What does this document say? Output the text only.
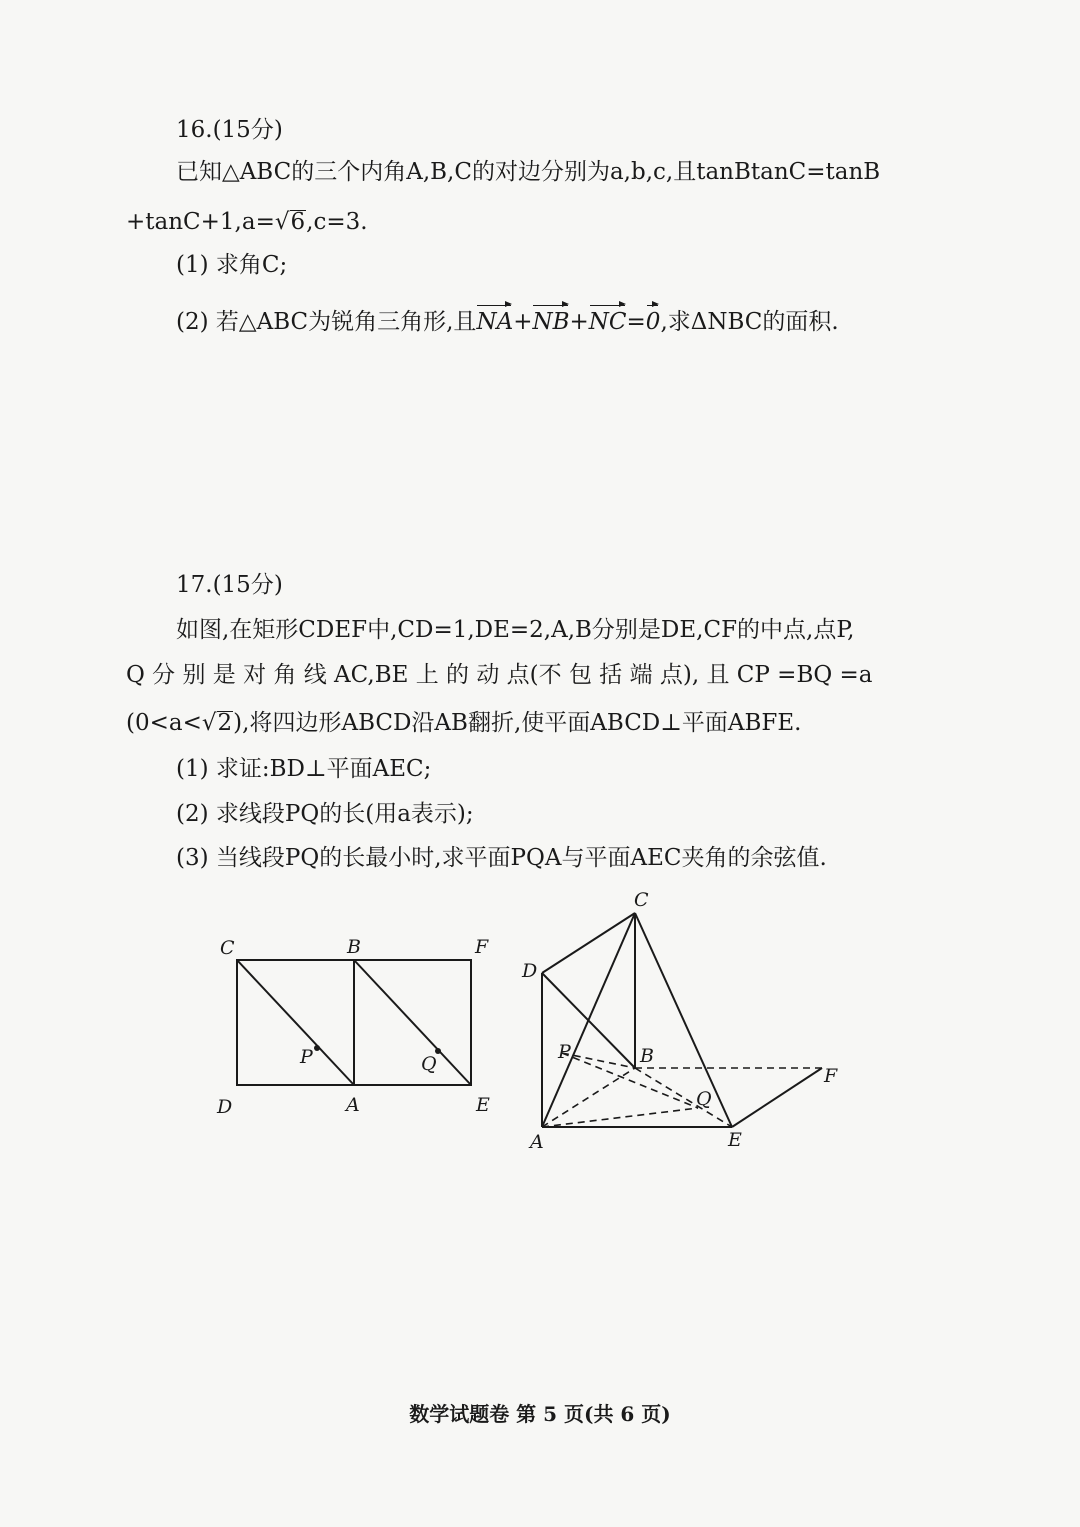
16.(15分)
已知△ABC的三个内角A,B,C的对边分别为a,b,c,且tanBtanC=tanB
+tanC+1,a=√6,c=3.
(1) 求角C;
(2) 若△ABC为锐角三角形,且NA+NB+NC=0,求ΔNBC的面积.
17.(15分)
如图,在矩形CDEF中,CD=1,DE=2,A,B分别是DE,CF的中点,点P,
Q 分 别 是 对 角 线 AC,BE 上 的 动 点(不 包 括 端 点), 且 CP =BQ =a
(0<a<√2),将四边形ABCD沿AB翻折,使平面ABCD⊥平面ABFE.
(1) 求证:BD⊥平面AEC;
(2) 求线段PQ的长(用a表示);
(3) 当线段PQ的长最小时,求平面PQA与平面AEC夹角的余弦值.
C	B	F
D	A	E
P	Q
C
D
B
F
P
Q
A	E
数学试题卷 第 5 页(共 6 页)
